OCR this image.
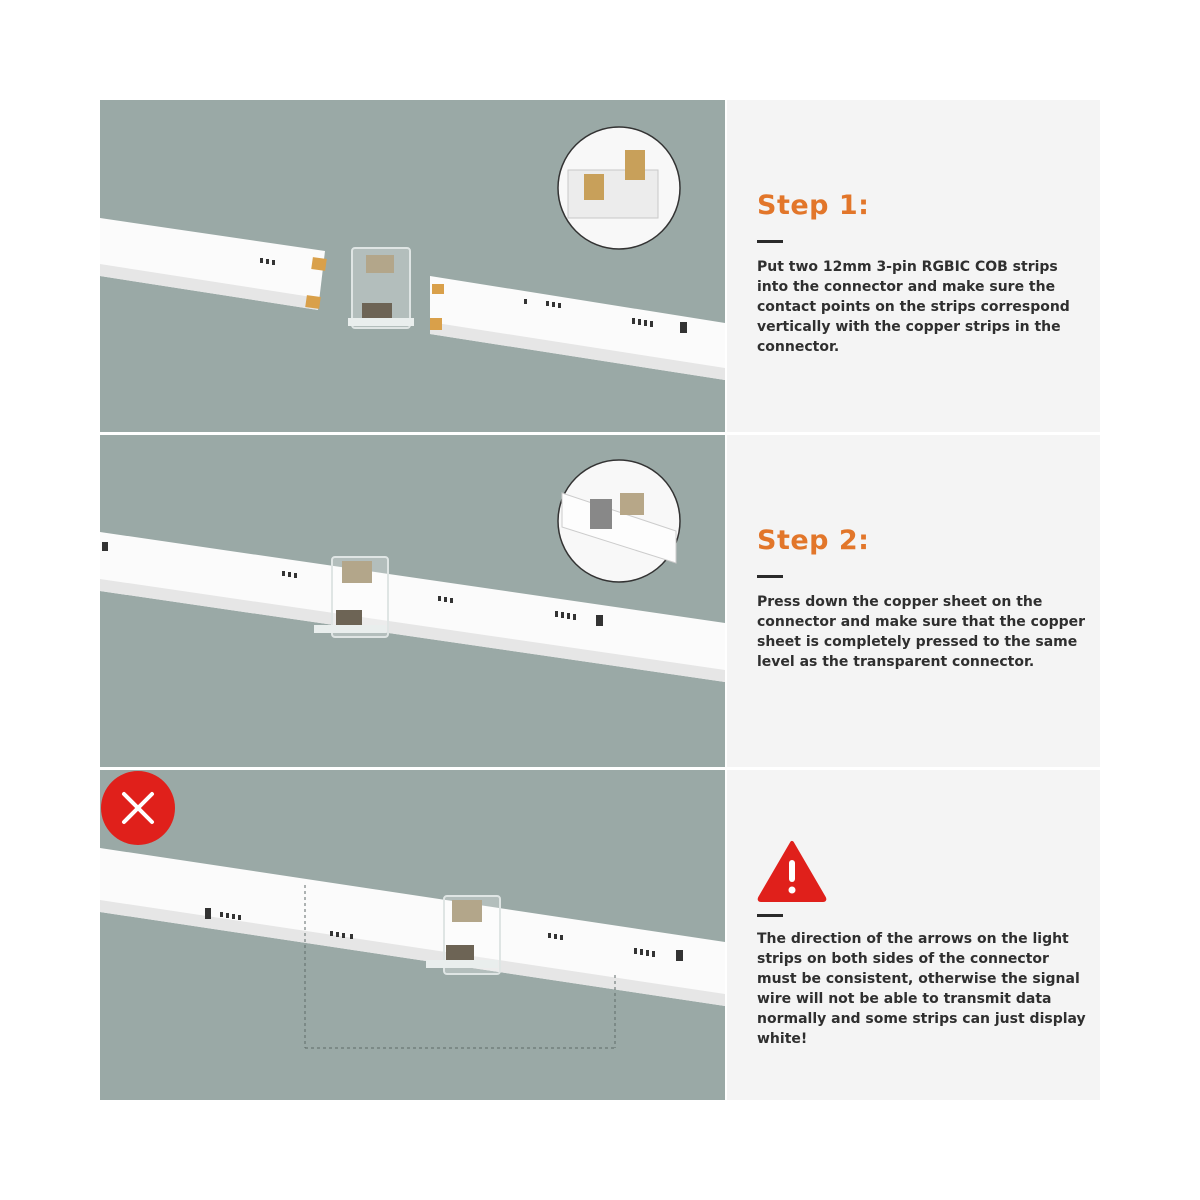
Step 1:
Put two 12mm 3-pin RGBIC COB strips into the connector and make sure the contact points on the strips correspond vertically with the copper strips in the connector.
Step 2:
Press down the copper sheet on the connector and make sure that the copper sheet is completely pressed to the same level as the transparent connector.
The direction of the arrows on the light strips on both sides of the connector must be consistent, otherwise the signal wire will not be able to transmit data normally and some strips can just display white!
